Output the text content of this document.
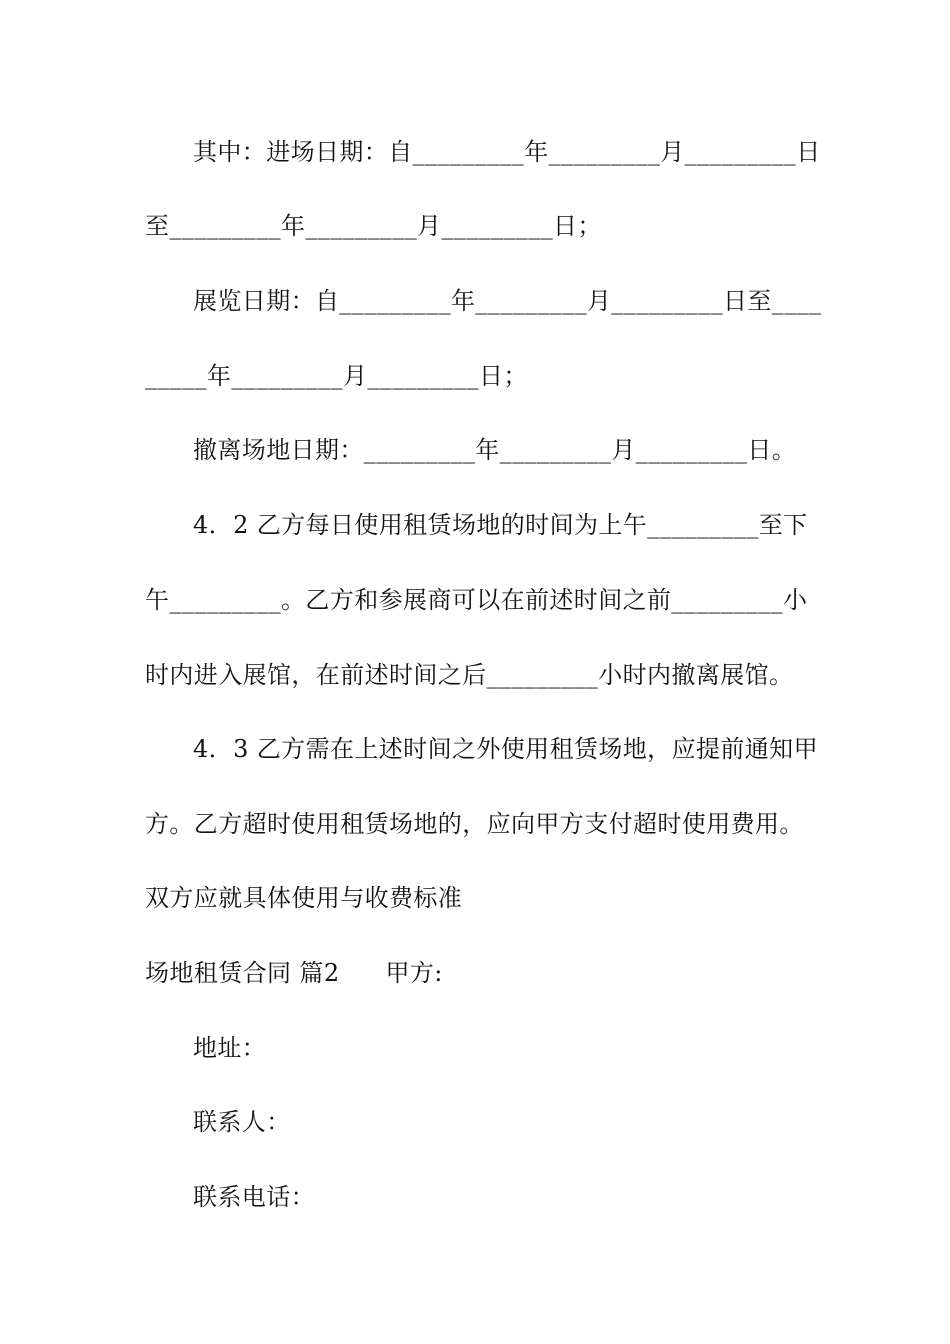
其中：进场日期：自_________年_________月_________日
至_________年_________月_________日；
展览日期：自_________年_________月_________日至____
_____年_________月_________日；
撤离场地日期：_________年_________月_________日。
4．2 乙方每日使用租赁场地的时间为上午_________至下
午_________。乙方和参展商可以在前述时间之前_________小
时内进入展馆，在前述时间之后_________小时内撤离展馆。
4．3 乙方需在上述时间之外使用租赁场地，应提前通知甲
方。乙方超时使用租赁场地的，应向甲方支付超时使用费用。
双方应就具体使用与收费标准
场地租赁合同 篇2 甲方:
地址：
联系人：
联系电话：
